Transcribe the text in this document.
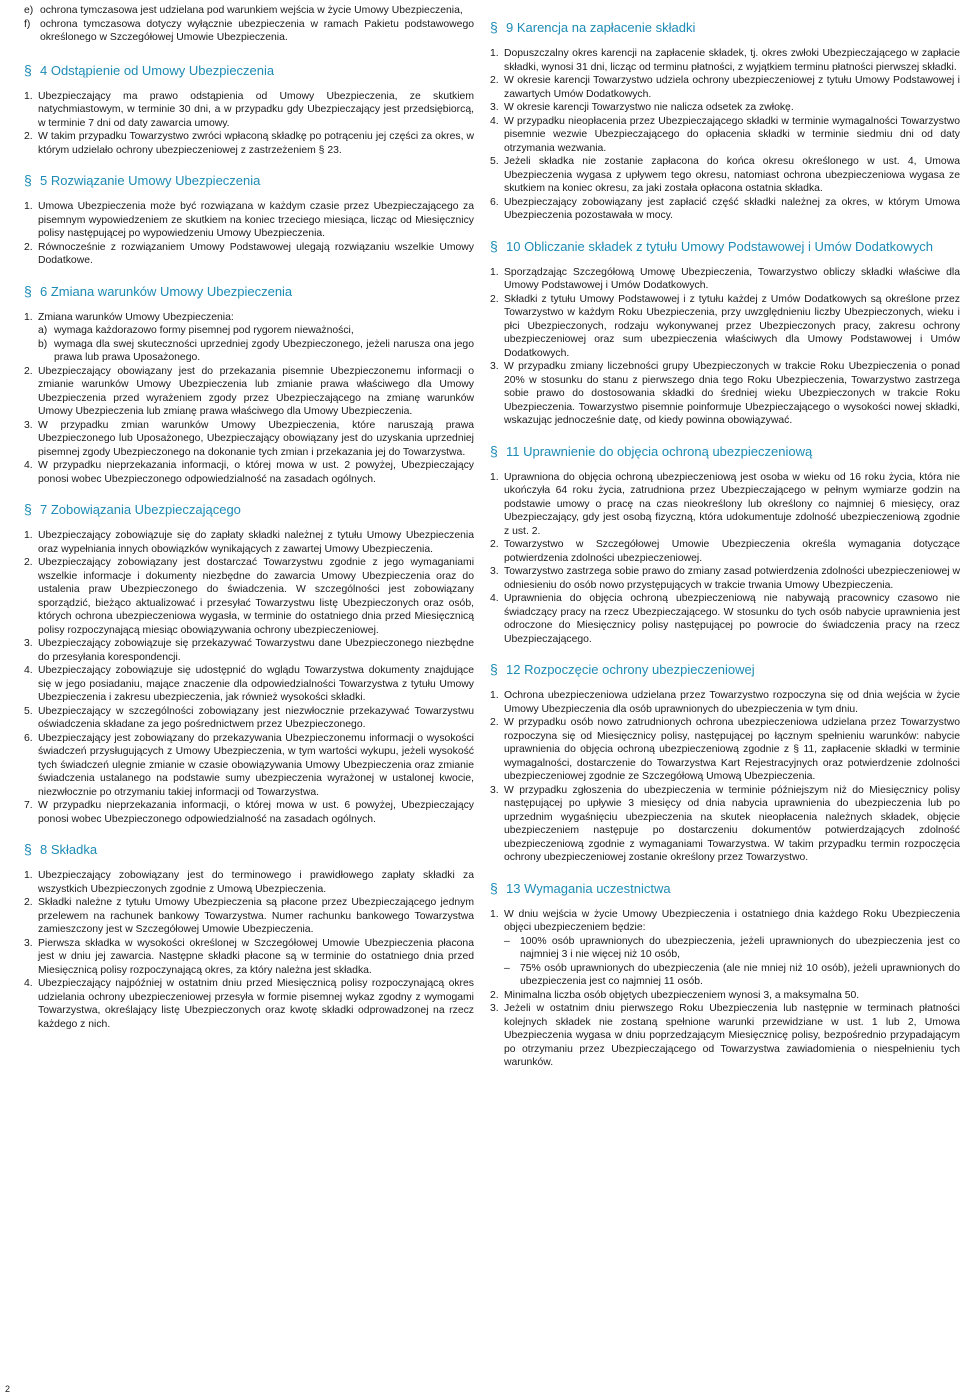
e) ochrona tymczasowa jest udzielana pod warunkiem wejścia w życie Umowy Ubezpieczenia,
f) ochrona tymczasowa dotyczy wyłącznie ubezpieczenia w ramach Pakietu podstawowego określonego w Szczegółowej Umowie Ubezpieczenia.
§ 4 Odstąpienie od Umowy Ubezpieczenia
1. Ubezpieczający ma prawo odstąpienia od Umowy Ubezpieczenia, ze skutkiem natychmiastowym, w terminie 30 dni, a w przypadku gdy Ubezpieczający jest przedsiębiorcą, w terminie 7 dni od daty zawarcia umowy.
2. W takim przypadku Towarzystwo zwróci wpłaconą składkę po potrąceniu jej części za okres, w którym udzielało ochrony ubezpieczeniowej z zastrzeżeniem § 23.
§ 5 Rozwiązanie Umowy Ubezpieczenia
1. Umowa Ubezpieczenia może być rozwiązana w każdym czasie przez Ubezpieczającego za pisemnym wypowiedzeniem ze skutkiem na koniec trzeciego miesiąca, licząc od Miesięcznicy polisy następującej po wypowiedzeniu Umowy Ubezpieczenia.
2. Równocześnie z rozwiązaniem Umowy Podstawowej ulegają rozwiązaniu wszelkie Umowy Dodatkowe.
§ 6 Zmiana warunków Umowy Ubezpieczenia
1. Zmiana warunków Umowy Ubezpieczenia:
a) wymaga każdorazowo formy pisemnej pod rygorem nieważności,
b) wymaga dla swej skuteczności uprzedniej zgody Ubezpieczonego, jeżeli narusza ona jego prawa lub prawa Uposażonego.
2. Ubezpieczający obowiązany jest do przekazania pisemnie Ubezpieczonemu informacji o zmianie warunków Umowy Ubezpieczenia lub zmianie prawa właściwego dla Umowy Ubezpieczenia przed wyrażeniem zgody przez Ubezpieczającego na zmianę warunków Umowy Ubezpieczenia lub zmianę prawa właściwego dla Umowy Ubezpieczenia.
3. W przypadku zmian warunków Umowy Ubezpieczenia, które naruszają prawa Ubezpieczonego lub Uposażonego, Ubezpieczający obowiązany jest do uzyskania uprzedniej pisemnej zgody Ubezpieczonego na dokonanie tych zmian i przekazania jej do Towarzystwa.
4. W przypadku nieprzekazania informacji, o której mowa w ust. 2 powyżej, Ubezpieczający ponosi wobec Ubezpieczonego odpowiedzialność na zasadach ogólnych.
§ 7 Zobowiązania Ubezpieczającego
1. Ubezpieczający zobowiązuje się do zapłaty składki należnej z tytułu Umowy Ubezpieczenia oraz wypełniania innych obowiązków wynikających z zawartej Umowy Ubezpieczenia.
2. Ubezpieczający zobowiązany jest dostarczać Towarzystwu zgodnie z jego wymaganiami wszelkie informacje i dokumenty niezbędne do zawarcia Umowy Ubezpieczenia oraz do ustalenia praw Ubezpieczonego do świadczenia. W szczególności jest zobowiązany sporządzić, bieżąco aktualizować i przesyłać Towarzystwu listę Ubezpieczonych oraz osób, których ochrona ubezpieczeniowa wygasła, w terminie do ostatniego dnia przed Miesięcznicą polisy rozpoczynającą miesiąc obowiązywania ochrony ubezpieczeniowej.
3. Ubezpieczający zobowiązuje się przekazywać Towarzystwu dane Ubezpieczonego niezbędne do przesyłania korespondencji.
4. Ubezpieczający zobowiązuje się udostępnić do wglądu Towarzystwa dokumenty znajdujące się w jego posiadaniu, mające znaczenie dla odpowiedzialności Towarzystwa z tytułu Umowy Ubezpieczenia i zakresu ubezpieczenia, jak również wysokości składki.
5. Ubezpieczający w szczególności zobowiązany jest niezwłocznie przekazywać Towarzystwu oświadczenia składane za jego pośrednictwem przez Ubezpieczonego.
6. Ubezpieczający jest zobowiązany do przekazywania Ubezpieczonemu informacji o wysokości świadczeń przysługujących z Umowy Ubezpieczenia, w tym wartości wykupu, jeżeli wysokość tych świadczeń ulegnie zmianie w czasie obowiązywania Umowy Ubezpieczenia oraz zmianie świadczenia ustalanego na podstawie sumy ubezpieczenia wyrażonej w ustalonej kwocie, niezwłocznie po otrzymaniu takiej informacji od Towarzystwa.
7. W przypadku nieprzekazania informacji, o której mowa w ust. 6 powyżej, Ubezpieczający ponosi wobec Ubezpieczonego odpowiedzialność na zasadach ogólnych.
§ 8 Składka
1. Ubezpieczający zobowiązany jest do terminowego i prawidłowego zapłaty składki za wszystkich Ubezpieczonych zgodnie z Umową Ubezpieczenia.
2. Składki należne z tytułu Umowy Ubezpieczenia są płacone przez Ubezpieczającego jednym przelewem na rachunek bankowy Towarzystwa. Numer rachunku bankowego Towarzystwa zamieszczony jest w Szczegółowej Umowie Ubezpieczenia.
3. Pierwsza składka w wysokości określonej w Szczegółowej Umowie Ubezpieczenia płacona jest w dniu jej zawarcia. Następne składki płacone są w terminie do ostatniego dnia przed Miesięcznicą polisy rozpoczynającą okres, za który należna jest składka.
4. Ubezpieczający najpóźniej w ostatnim dniu przed Miesięcznicą polisy rozpoczynającą okres udzielania ochrony ubezpieczeniowej przesyła w formie pisemnej wykaz zgodny z wymogami Towarzystwa, określający listę Ubezpieczonych oraz kwotę składki odprowadzonej na rzecz każdego z nich.
§ 9 Karencja na zapłacenie składki
1. Dopuszczalny okres karencji na zapłacenie składek, tj. okres zwłoki Ubezpieczającego w zapłacie składki, wynosi 31 dni, licząc od terminu płatności, z wyjątkiem terminu płatności pierwszej składki.
2. W okresie karencji Towarzystwo udziela ochrony ubezpieczeniowej z tytułu Umowy Podstawowej i zawartych Umów Dodatkowych.
3. W okresie karencji Towarzystwo nie nalicza odsetek za zwłokę.
4. W przypadku nieopłacenia przez Ubezpieczającego składki w terminie wymagalności Towarzystwo pisemnie wezwie Ubezpieczającego do opłacenia składki w terminie siedmiu dni od daty otrzymania wezwania.
5. Jeżeli składka nie zostanie zapłacona do końca okresu określonego w ust. 4, Umowa Ubezpieczenia wygasa z upływem tego okresu, natomiast ochrona ubezpieczeniowa wygasa ze skutkiem na koniec okresu, za jaki została opłacona ostatnia składka.
6. Ubezpieczający zobowiązany jest zapłacić część składki należnej za okres, w którym Umowa Ubezpieczenia pozostawała w mocy.
§ 10 Obliczanie składek z tytułu Umowy Podstawowej i Umów Dodatkowych
1. Sporządzając Szczegółową Umowę Ubezpieczenia, Towarzystwo obliczy składki właściwe dla Umowy Podstawowej i Umów Dodatkowych.
2. Składki z tytułu Umowy Podstawowej i z tytułu każdej z Umów Dodatkowych są określone przez Towarzystwo w każdym Roku Ubezpieczenia, przy uwzględnieniu liczby Ubezpieczonych, wieku i płci Ubezpieczonych, rodzaju wykonywanej przez Ubezpieczonych pracy, zakresu ochrony ubezpieczeniowej oraz sum ubezpieczenia właściwych dla Umowy Podstawowej i Umów Dodatkowych.
3. W przypadku zmiany liczebności grupy Ubezpieczonych w trakcie Roku Ubezpieczenia o ponad 20% w stosunku do stanu z pierwszego dnia tego Roku Ubezpieczenia, Towarzystwo zastrzega sobie prawo do dostosowania składki do średniej wieku Ubezpieczonych w trakcie Roku Ubezpieczenia. Towarzystwo pisemnie poinformuje Ubezpieczającego o wysokości nowej składki, wskazując jednocześnie datę, od kiedy powinna obowiązywać.
§ 11 Uprawnienie do objęcia ochroną ubezpieczeniową
1. Uprawniona do objęcia ochroną ubezpieczeniową jest osoba w wieku od 16 roku życia, która nie ukończyła 64 roku życia, zatrudniona przez Ubezpieczającego w pełnym wymiarze godzin na podstawie umowy o pracę na czas nieokreślony lub określony co najmniej 6 miesięcy, oraz Ubezpieczający, gdy jest osobą fizyczną, która udokumentuje zdolność ubezpieczeniową zgodnie z ust. 2.
2. Towarzystwo w Szczegółowej Umowie Ubezpieczenia określa wymagania dotyczące potwierdzenia zdolności ubezpieczeniowej.
3. Towarzystwo zastrzega sobie prawo do zmiany zasad potwierdzenia zdolności ubezpieczeniowej w odniesieniu do osób nowo przystępujących w trakcie trwania Umowy Ubezpieczenia.
4. Uprawnienia do objęcia ochroną ubezpieczeniową nie nabywają pracownicy czasowo nie świadczący pracy na rzecz Ubezpieczającego. W stosunku do tych osób nabycie uprawnienia jest odroczone do Miesięcznicy polisy następującej po powrocie do świadczenia pracy na rzecz Ubezpieczającego.
§ 12 Rozpoczęcie ochrony ubezpieczeniowej
1. Ochrona ubezpieczeniowa udzielana przez Towarzystwo rozpoczyna się od dnia wejścia w życie Umowy Ubezpieczenia dla osób uprawnionych do ubezpieczenia w tym dniu.
2. W przypadku osób nowo zatrudnionych ochrona ubezpieczeniowa udzielana przez Towarzystwo rozpoczyna się od Miesięcznicy polisy, następującej po łącznym spełnieniu warunków: nabycie uprawnienia do objęcia ochroną ubezpieczeniową zgodnie z § 11, zapłacenie składki w terminie wymagalności, dostarczenie do Towarzystwa Kart Rejestracyjnych oraz potwierdzenie zdolności ubezpieczeniowej zgodnie ze Szczegółową Umową Ubezpieczenia.
3. W przypadku zgłoszenia do ubezpieczenia w terminie późniejszym niż do Miesięcznicy polisy następującej po upływie 3 miesięcy od dnia nabycia uprawnienia do ubezpieczenia lub po uprzednim wygaśnięciu ubezpieczenia na skutek nieopłacenia należnych składek, objęcie ubezpieczeniem następuje po dostarczeniu dokumentów potwierdzających zdolność ubezpieczeniową zgodnie z wymaganiami Towarzystwa. W takim przypadku termin rozpoczęcia ochrony ubezpieczeniowej zostanie określony przez Towarzystwo.
§ 13 Wymagania uczestnictwa
1. W dniu wejścia w życie Umowy Ubezpieczenia i ostatniego dnia każdego Roku Ubezpieczenia objęci ubezpieczeniem będzie:
– 100% osób uprawnionych do ubezpieczenia, jeżeli uprawnionych do ubezpieczenia jest co najmniej 3 i nie więcej niż 10 osób,
– 75% osób uprawnionych do ubezpieczenia (ale nie mniej niż 10 osób), jeżeli uprawnionych do ubezpieczenia jest co najmniej 11 osób.
2. Minimalna liczba osób objętych ubezpieczeniem wynosi 3, a maksymalna 50.
3. Jeżeli w ostatnim dniu pierwszego Roku Ubezpieczenia lub następnie w terminach płatności kolejnych składek nie zostaną spełnione warunki przewidziane w ust. 1 lub 2, Umowa Ubezpieczenia wygasa w dniu poprzedzającym Miesięcznicę polisy, bezpośrednio przypadającym po otrzymaniu przez Ubezpieczającego od Towarzystwa zawiadomienia o niespełnieniu tych warunków.
2
